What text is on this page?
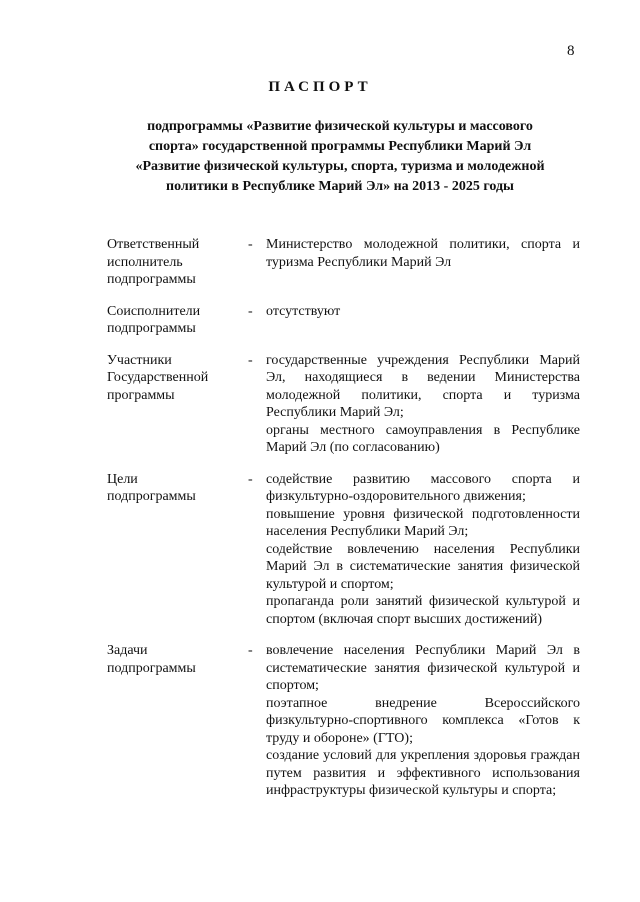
8
ПАСПОРТ
подпрограммы «Развитие физической культуры и массового
спорта» государственной программы Республики Марий Эл
«Развитие физической культуры, спорта, туризма и молодежной
политики в Республике Марий Эл» на 2013 - 2025 годы
Ответственный
исполнитель
подпрограммы
- Министерство молодежной политики, спорта и туризма Республики Марий Эл
Соисполнители
подпрограммы
- отсутствуют
Участники
Государственной
программы
- государственные учреждения Республики Марий Эл, находящиеся в ведении Министерства молодежной политики, спорта и туризма Республики Марий Эл;
органы местного самоуправления в Республике Марий Эл (по согласованию)
Цели
подпрограммы
- содействие развитию массового спорта и физкультурно-оздоровительного движения;
повышение уровня физической подготовленности населения Республики Марий Эл;
содействие вовлечению населения Республики Марий Эл в систематические занятия физической культурой и спортом;
пропаганда роли занятий физической культурой и спортом (включая спорт высших достижений)
Задачи
подпрограммы
- вовлечение населения Республики Марий Эл в систематические занятия физической культурой и спортом;
поэтапное внедрение Всероссийского физкультурно-спортивного комплекса «Готов к труду и обороне» (ГТО);
создание условий для укрепления здоровья граждан путем развития и эффективного использования инфраструктуры физической культуры и спорта;
